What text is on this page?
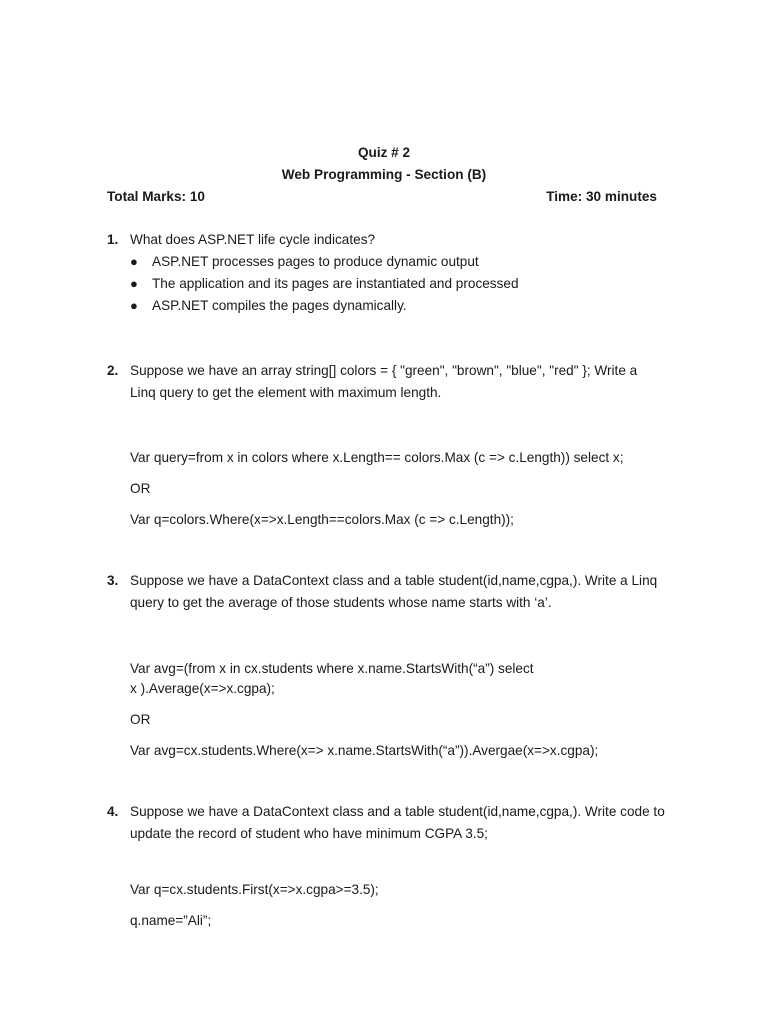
Quiz # 2
Web Programming - Section (B)
Total Marks: 10	Time: 30 minutes
1. What does ASP.NET life cycle indicates?
● ASP.NET processes pages to produce dynamic output
● The application and its pages are instantiated and processed
● ASP.NET compiles the pages dynamically.
2. Suppose we have an array string[] colors = { "green", "brown", "blue", "red" }; Write a
Linq query to get the element with maximum length.
Var query=from x in colors where x.Length== colors.Max (c => c.Length)) select x;
OR
Var q=colors.Where(x=>x.Length==colors.Max (c => c.Length));
3. Suppose we have a DataContext class and a table student(id,name,cgpa,). Write a Linq
query to get the average of those students whose name starts with ‘a’.
Var avg=(from x in cx.students where x.name.StartsWith(“a”) select
x ).Average(x=>x.cgpa);
OR
Var avg=cx.students.Where(x=> x.name.StartsWith(“a”)).Avergae(x=>x.cgpa);
4. Suppose we have a DataContext class and a table student(id,name,cgpa,). Write code to
update the record of student who have minimum CGPA 3.5;
Var q=cx.students.First(x=>x.cgpa>=3.5);
q.name=”Ali”;
